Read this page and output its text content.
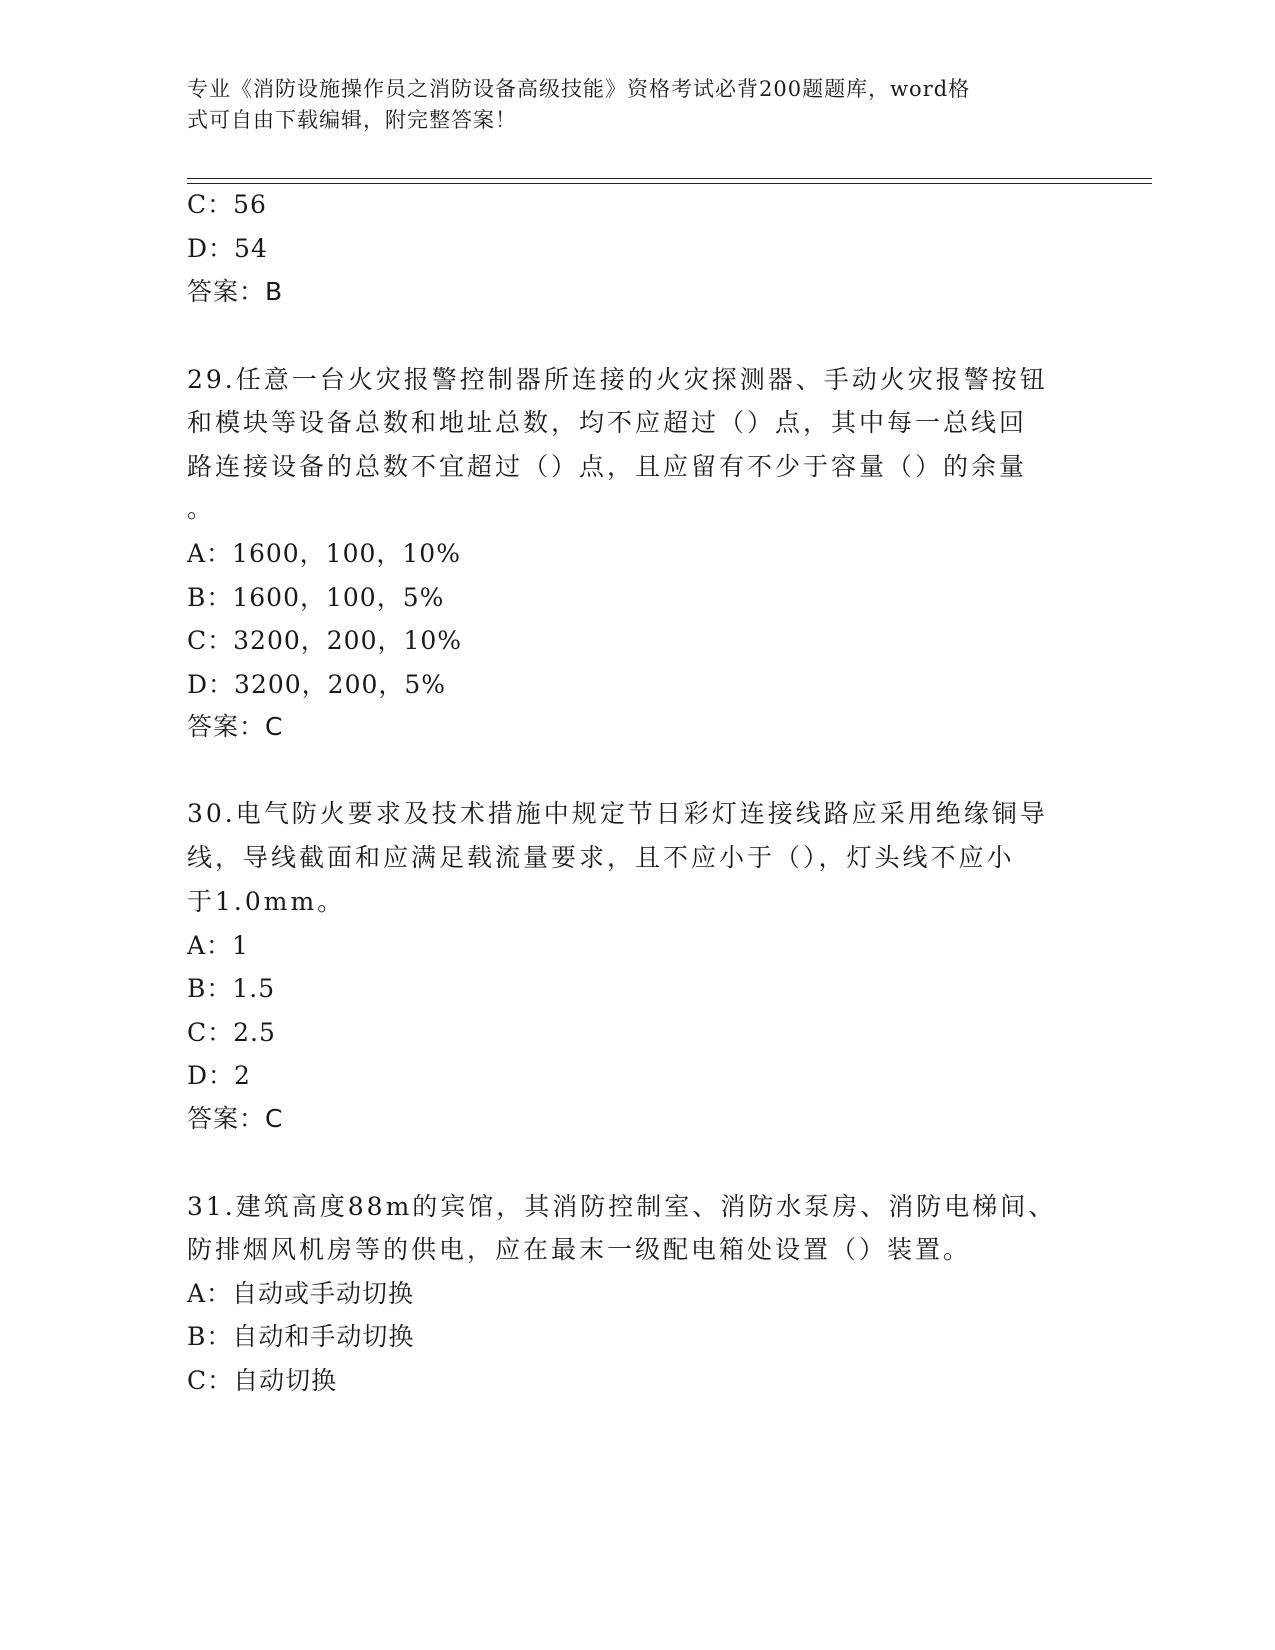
专业《消防设施操作员之消防设备高级技能》资格考试必背200题题库，word格
式可自由下载编辑，附完整答案！
C：56
D：54
答案：B
29.任意一台火灾报警控制器所连接的火灾探测器、手动火灾报警按钮
和模块等设备总数和地址总数，均不应超过（）点，其中每一总线回
路连接设备的总数不宜超过（）点，且应留有不少于容量（）的余量
。
A：1600，100，10%
B：1600，100，5%
C：3200，200，10%
D：3200，200，5%
答案：C
30.电气防火要求及技术措施中规定节日彩灯连接线路应采用绝缘铜导
线，导线截面和应满足载流量要求，且不应小于（），灯头线不应小
于1.0mm。
A：1
B：1.5
C：2.5
D：2
答案：C
31.建筑高度88m的宾馆，其消防控制室、消防水泵房、消防电梯间、
防排烟风机房等的供电，应在最末一级配电箱处设置（）装置。
A：自动或手动切换
B：自动和手动切换
C：自动切换
